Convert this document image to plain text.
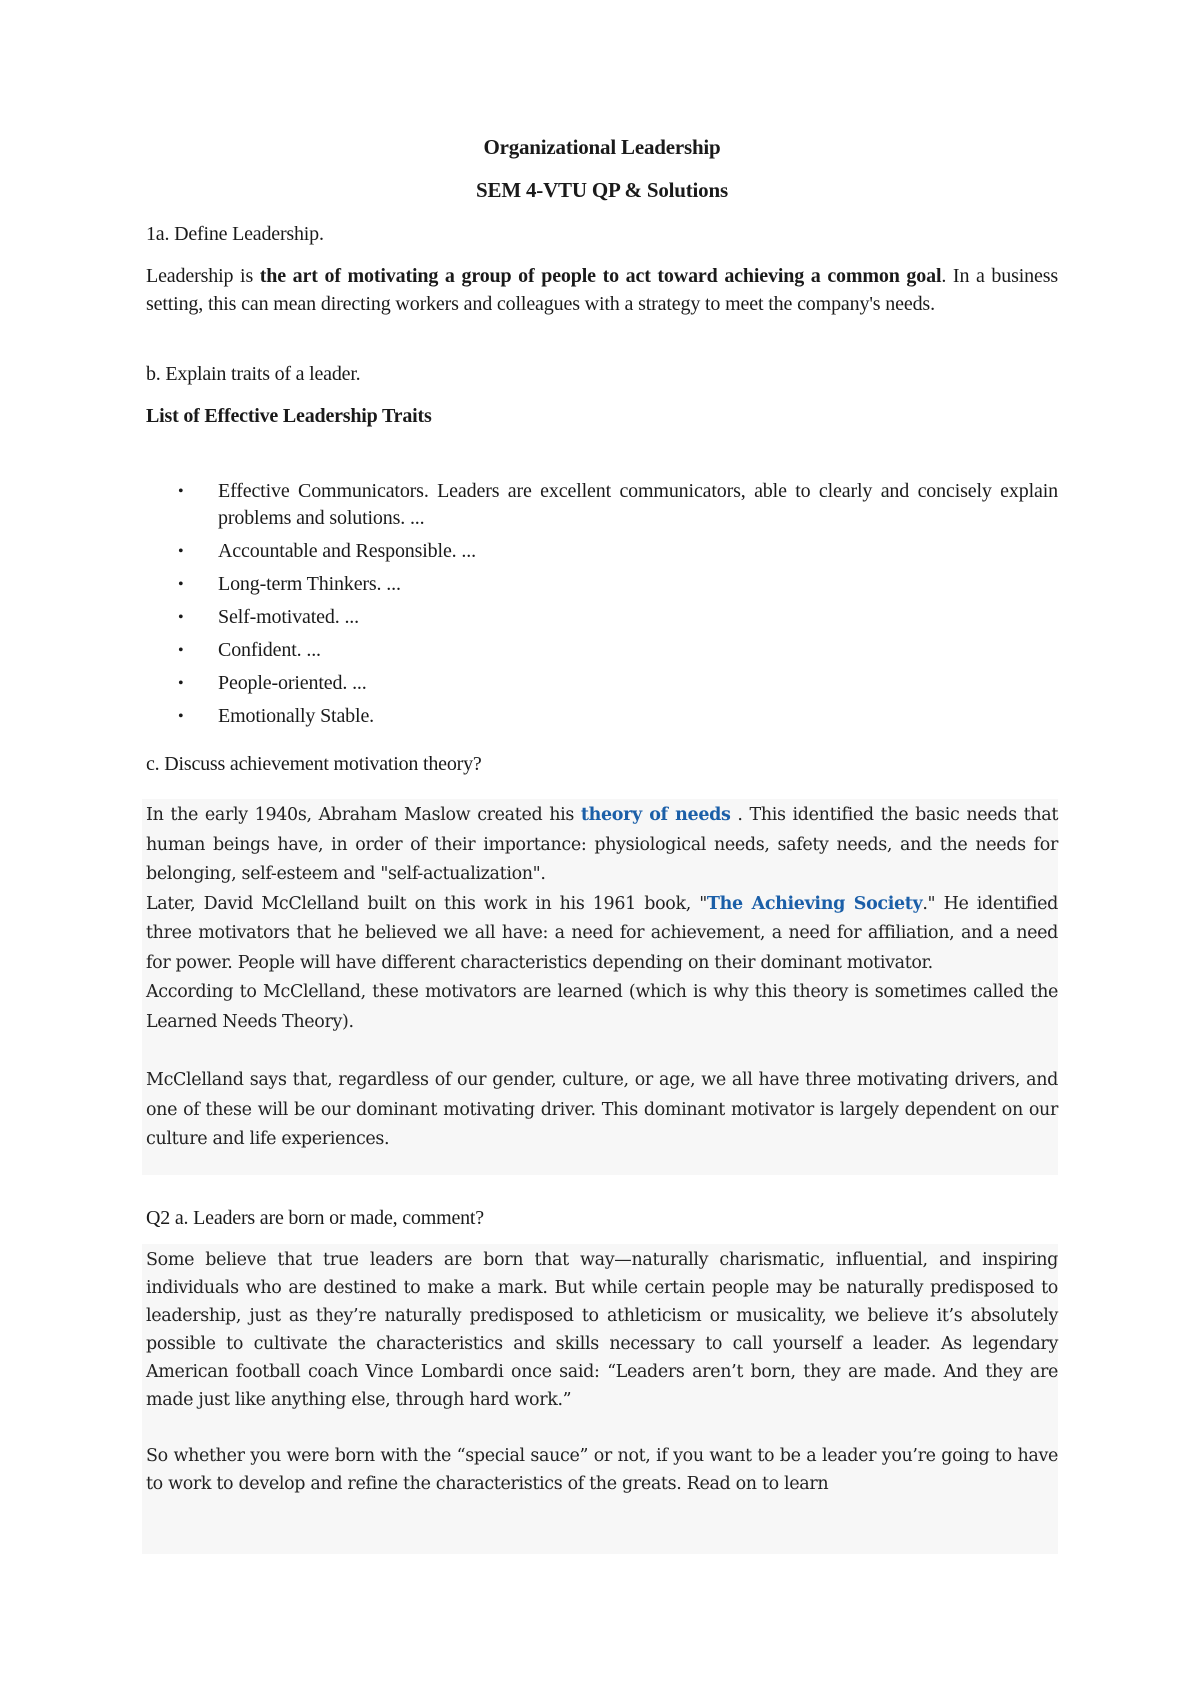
Organizational Leadership
SEM 4-VTU QP & Solutions
1a. Define Leadership.
Leadership is the art of motivating a group of people to act toward achieving a common goal. In a business setting, this can mean directing workers and colleagues with a strategy to meet the company's needs.
b. Explain traits of a leader.
List of Effective Leadership Traits
• Effective Communicators. Leaders are excellent communicators, able to clearly and concisely explain problems and solutions. ...
• Accountable and Responsible. ...
• Long-term Thinkers. ...
• Self-motivated. ...
• Confident. ...
• People-oriented. ...
• Emotionally Stable.
c. Discuss achievement motivation theory?
In the early 1940s, Abraham Maslow created his theory of needs . This identified the basic needs that human beings have, in order of their importance: physiological needs, safety needs, and the needs for belonging, self-esteem and "self-actualization".
Later, David McClelland built on this work in his 1961 book, "The Achieving Society." He identified three motivators that he believed we all have: a need for achievement, a need for affiliation, and a need for power. People will have different characteristics depending on their dominant motivator.
According to McClelland, these motivators are learned (which is why this theory is sometimes called the Learned Needs Theory).
McClelland says that, regardless of our gender, culture, or age, we all have three motivating drivers, and one of these will be our dominant motivating driver. This dominant motivator is largely dependent on our culture and life experiences.
Q2 a. Leaders are born or made, comment?
Some believe that true leaders are born that way—naturally charismatic, influential, and inspiring individuals who are destined to make a mark. But while certain people may be naturally predisposed to leadership, just as they’re naturally predisposed to athleticism or musicality, we believe it’s absolutely possible to cultivate the characteristics and skills necessary to call yourself a leader. As legendary American football coach Vince Lombardi once said: “Leaders aren’t born, they are made. And they are made just like anything else, through hard work.”
So whether you were born with the “special sauce” or not, if you want to be a leader you’re going to have to work to develop and refine the characteristics of the greats. Read on to learn
